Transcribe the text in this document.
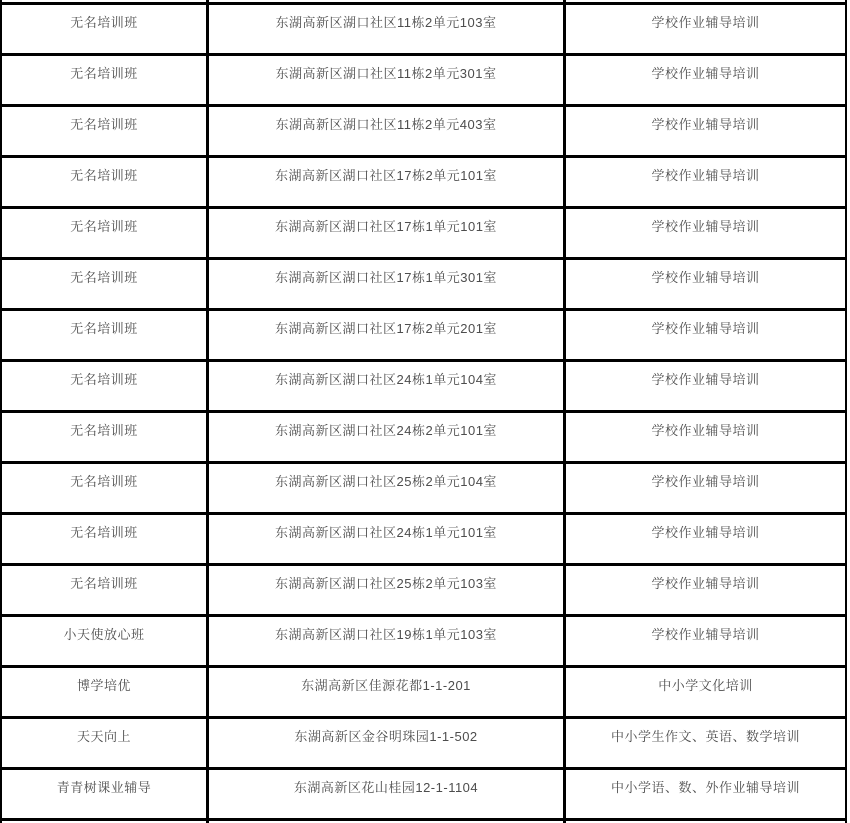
无名培训班	东湖高新区湖口社区11栋2单元103室	学校作业辅导培训
无名培训班	东湖高新区湖口社区11栋2单元301室	学校作业辅导培训
无名培训班	东湖高新区湖口社区11栋2单元403室	学校作业辅导培训
无名培训班	东湖高新区湖口社区17栋2单元101室	学校作业辅导培训
无名培训班	东湖高新区湖口社区17栋1单元101室	学校作业辅导培训
无名培训班	东湖高新区湖口社区17栋1单元301室	学校作业辅导培训
无名培训班	东湖高新区湖口社区17栋2单元201室	学校作业辅导培训
无名培训班	东湖高新区湖口社区24栋1单元104室	学校作业辅导培训
无名培训班	东湖高新区湖口社区24栋2单元101室	学校作业辅导培训
无名培训班	东湖高新区湖口社区25栋2单元104室	学校作业辅导培训
无名培训班	东湖高新区湖口社区24栋1单元101室	学校作业辅导培训
无名培训班	东湖高新区湖口社区25栋2单元103室	学校作业辅导培训
小天使放心班	东湖高新区湖口社区19栋1单元103室	学校作业辅导培训
博学培优	东湖高新区佳源花都1-1-201	中小学文化培训
天天向上	东湖高新区金谷明珠园1-1-502	中小学生作文、英语、数学培训
青青树课业辅导	东湖高新区花山桂园12-1-1104	中小学语、数、外作业辅导培训
